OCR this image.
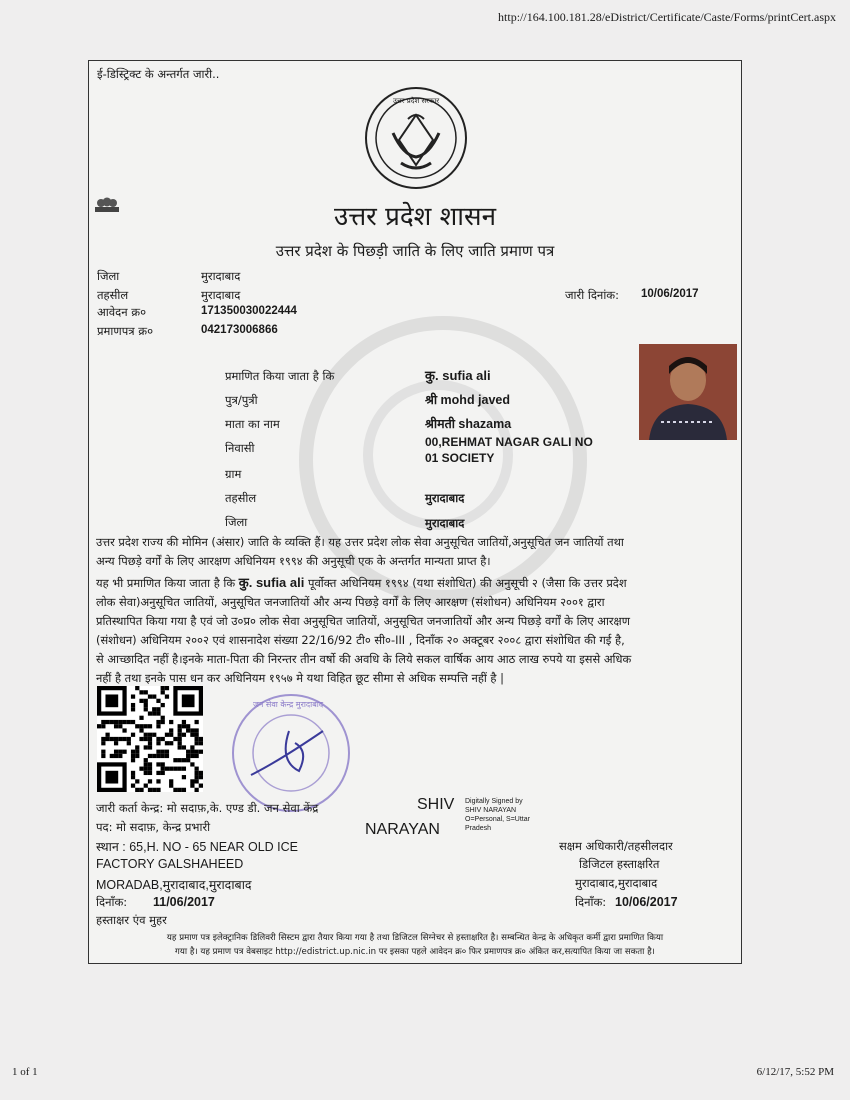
http://164.100.181.28/eDistrict/Certificate/Caste/Forms/printCert.aspx
ई-डिस्ट्रिक्ट के अन्तर्गत जारी..
उत्तर प्रदेश सरकार
उत्तर प्रदेश शासन
उत्तर प्रदेश के पिछड़ी जाति के लिए जाति प्रमाण पत्र
जिला	मुरादाबाद
तहसील	मुरादाबाद
आवेदन क्र०	171350030022444
प्रमाणपत्र क्र०	042173006866
जारी दिनांक: 10/06/2017
प्रमाणित किया जाता है कि	कु. sufia ali
पुत्र/पुत्री	श्री mohd javed
माता का नाम	श्रीमती shazama
निवासी	00,REHMAT NAGAR GALI NO
01 SOCIETY
ग्राम
तहसील	मुरादाबाद
जिला	मुरादाबाद
उत्तर प्रदेश राज्य की मोमिन (अंसार) जाति के व्यक्ति हैं। यह उत्तर प्रदेश लोक सेवा अनुसूचित जातियों,अनुसूचित जन जातियों तथा
अन्य पिछड़े वर्गों के लिए आरक्षण अधिनियम १९९४ की अनुसूची एक के अन्तर्गत मान्यता प्राप्त है।
यह भी प्रमाणित किया जाता है कि कु. sufia ali पूर्वोक्त अधिनियम १९९४ (यथा संशोधित) की अनुसूची २ (जैसा कि उत्तर प्रदेश
लोक सेवा)अनुसूचित जातियों, अनुसूचित जनजातियों और अन्य पिछड़े वर्गों के लिए आरक्षण (संशोधन) अधिनियम २००१ द्वारा
प्रतिस्थापित किया गया है एवं जो उ०प्र० लोक सेवा अनुसूचित जातियों, अनुसूचित जनजातियों और अन्य पिछड़े वर्गों के लिए आरक्षण
(संशोधन) अधिनियम २००२ एवं शासनादेश संख्या 22/16/92 टी० सी०-III , दिनाँक २० अक्टूबर २००८ द्वारा संशोधित की गई है,
से आच्छादित नहीं है।इनके माता-पिता की निरन्तर तीन वर्षो की अवधि के लिये सकल वार्षिक आय आठ लाख रुपये या इससे अधिक
नहीं है तथा इनके पास धन कर अधिनियम १९५७ मे यथा विहित छूट सीमा से अधिक सम्पत्ति नहीं है |
जन सेवा केन्द्र मुरादाबाद
जारी कर्ता केन्द्र: मो सदाफ़,के. एण्ड डी. जन सेवा केंद्र
पद: मो सदाफ़, केन्द्र प्रभारी
स्थान : 65,H. NO - 65 NEAR OLD ICE
FACTORY GALSHAHEED
MORADAB,मुरादाबाद,मुरादाबाद
दिनाँक: 11/06/2017
हस्ताक्षर एंव मुहर
SHIV
NARAYAN
Digitally Signed by SHIV NARAYAN O=Personal, S=Uttar Pradesh
सक्षम अधिकारी/तहसीलदार
डिजिटल हस्ताक्षरित
मुरादाबाद,मुरादाबाद
दिनाँक: 10/06/2017
यह प्रमाण पत्र इलेक्ट्रानिक डिलिवरी सिस्टम द्वारा तैयार किया गया है तथा डिजिटल सिग्नेचर से हस्ताक्षरित है। सम्बन्धित केन्द्र के अधिकृत कर्मी द्वारा प्रमाणित किया
गया है। यह प्रमाण पत्र वेबसाइट http://edistrict.up.nic.in पर इसका पहले आवेदन क्र० फिर प्रमाणपत्र क्र० अंकित कर,सत्यापित किया जा सकता है।
1 of 1	6/12/17, 5:52 PM
